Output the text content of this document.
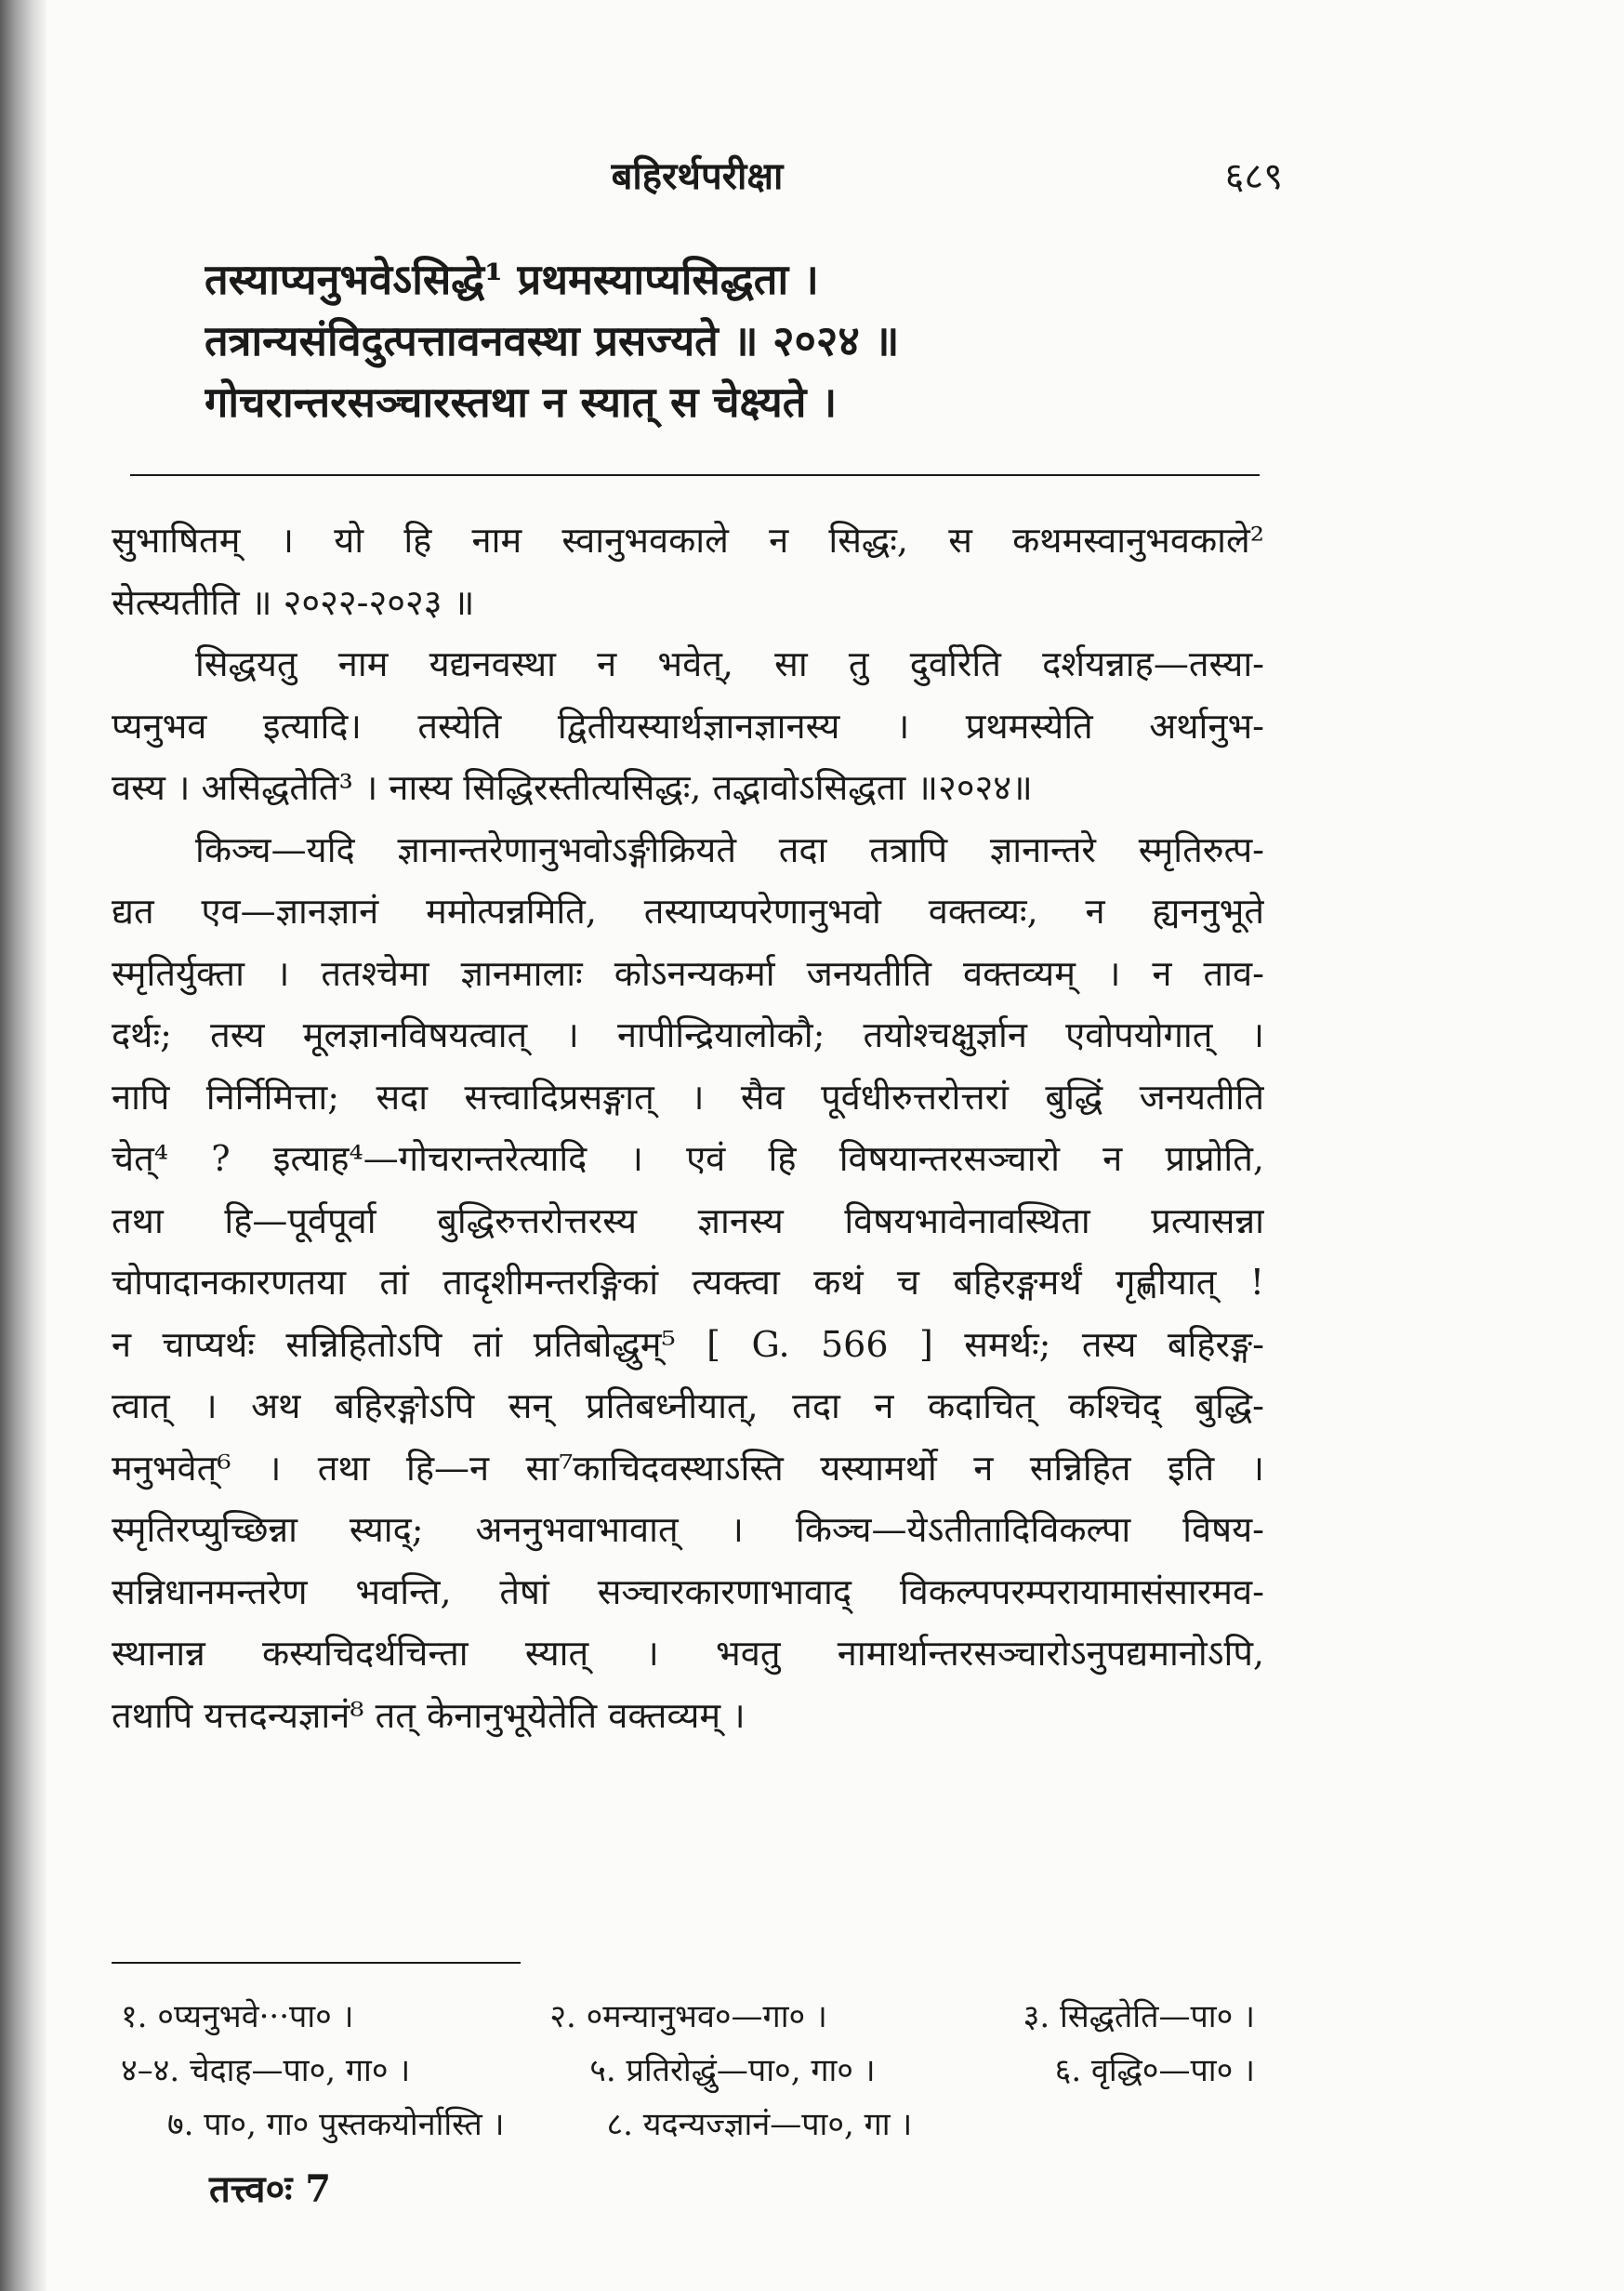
बहिरर्थपरीक्षा	६८९
तस्याप्यनुभवेऽसिद्धे¹ प्रथमस्याप्यसिद्धता ।
तत्रान्यसंविदुत्पत्तावनवस्था प्रसज्यते ॥ २०२४ ॥
गोचरान्तरसञ्चारस्तथा न स्यात् स चेक्ष्यते ।
सुभाषितम् । यो हि नाम स्वानुभवकाले न सिद्धः, स कथमस्वानुभवकाले²
सेत्स्यतीति ॥ २०२२-२०२३ ॥
सिद्धयतु नाम यद्यनवस्था न भवेत्, सा तु दुर्वारेति दर्शयन्नाह—तस्या-
प्यनुभव इत्यादि। तस्येति द्वितीयस्यार्थज्ञानज्ञानस्य । प्रथमस्येति अर्थानुभ-
वस्य । असिद्धतेति³ । नास्य सिद्धिरस्तीत्यसिद्धः, तद्भावोऽसिद्धता ॥२०२४॥
किञ्च—यदि ज्ञानान्तरेणानुभवोऽङ्गीक्रियते तदा तत्रापि ज्ञानान्तरे स्मृतिरुत्प-
द्यत एव—ज्ञानज्ञानं ममोत्पन्नमिति, तस्याप्यपरेणानुभवो वक्तव्यः, न ह्यननुभूते
स्मृतिर्युक्ता । ततश्चेमा ज्ञानमालाः कोऽनन्यकर्मा जनयतीति वक्तव्यम् । न ताव-
दर्थः; तस्य मूलज्ञानविषयत्वात् । नापीन्द्रियालोकौ; तयोश्चक्षुर्ज्ञान एवोपयोगात् ।
नापि निर्निमित्ता; सदा सत्त्वादिप्रसङ्गात् । सैव पूर्वधीरुत्तरोत्तरां बुद्धिं जनयतीति
चेत्⁴ ? इत्याह⁴—गोचरान्तरेत्यादि । एवं हि विषयान्तरसञ्चारो न प्राप्नोति,
तथा हि—पूर्वपूर्वा बुद्धिरुत्तरोत्तरस्य ज्ञानस्य विषयभावेनावस्थिता प्रत्यासन्ना
चोपादानकारणतया तां तादृशीमन्तरङ्गिकां त्यक्त्वा कथं च बहिरङ्गमर्थं गृह्णीयात् !
न चाप्यर्थः सन्निहितोऽपि तां प्रतिबोद्धुम्⁵ [ G. 566 ] समर्थः; तस्य बहिरङ्ग-
त्वात् । अथ बहिरङ्गोऽपि सन् प्रतिबध्नीयात्, तदा न कदाचित् कश्चिद् बुद्धि-
मनुभवेत्⁶ । तथा हि—न सा⁷काचिदवस्थाऽस्ति यस्यामर्थो न सन्निहित इति ।
स्मृतिरप्युच्छिन्ना स्याद्; अननुभवाभावात् । किञ्च—येऽतीतादिविकल्पा विषय-
सन्निधानमन्तरेण भवन्ति, तेषां सञ्चारकारणाभावाद् विकल्पपरम्परायामासंसारमव-
स्थानान्न कस्यचिदर्थचिन्ता स्यात् । भवतु नामार्थान्तरसञ्चारोऽनुपद्यमानोऽपि,
तथापि यत्तदन्यज्ञानं⁸ तत् केनानुभूयेतेति वक्तव्यम् ।
१. ०प्यनुभवे···पा० ।	२. ०मन्यानुभव०—गा० ।	३. सिद्धतेति—पा० ।
४–४. चेदाह—पा०, गा० ।	५. प्रतिरोद्धुं—पा०, गा० ।	६. वृद्धि०—पा० ।
७. पा०, गा० पुस्तकयोर्नास्ति ।	८. यदन्यज्ज्ञानं—पा०, गा ।
तत्त्व०ः 7
